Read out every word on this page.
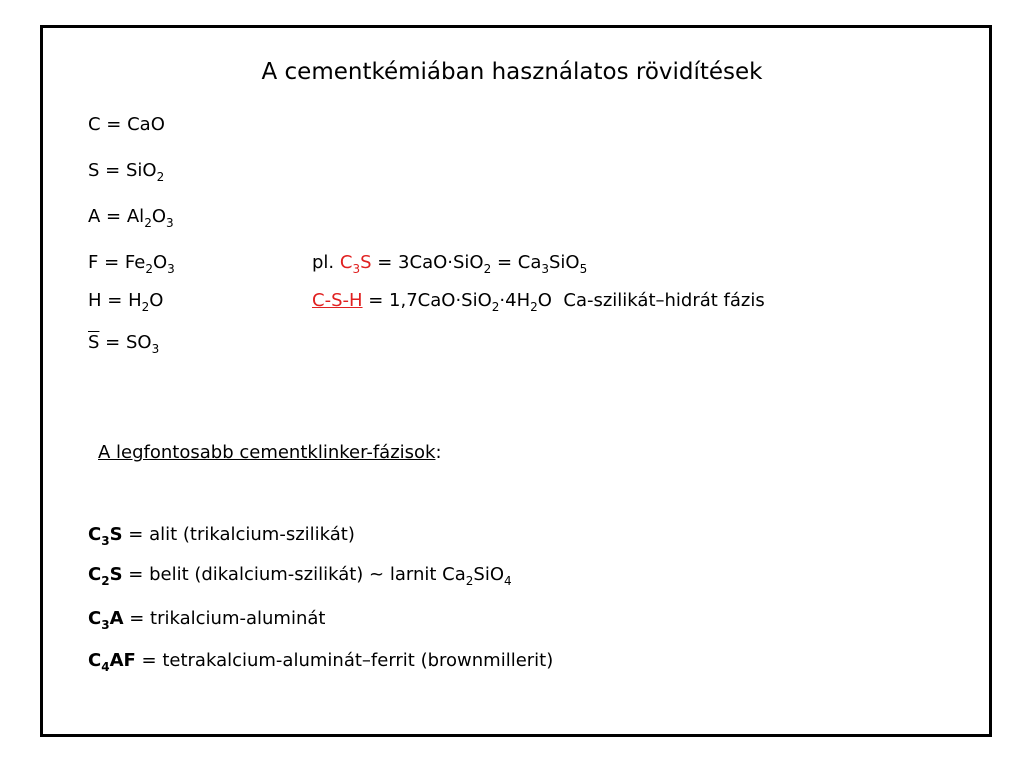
A cementkémiában használatos rövidítések
C = CaO
S = SiO$_2$
$A = Al_2O_3$
$F = Fe_2O_3$
$H = H_2O$
$\overline{S} = SO_3$
pl. $C_3S = 3CaO\cdot SiO_2 = Ca_3SiO_5$
$C-S-H = 1,7CaO\cdot SiO_2\cdot 4H_2O$  Ca-szilikát–hidrát fázis
A legfontosabb cementklinker-fázisok:
$C_3S$ = alit (trikalcium-szilikát)
$C_2S$ = belit (dikalcium-szilikát) ~ larnit $Ca_2SiO_4$
$C_3A$ = trikalcium-aluminát
$C_4AF$ = tetrakalcium-aluminát–ferrit (brownmillerit)
